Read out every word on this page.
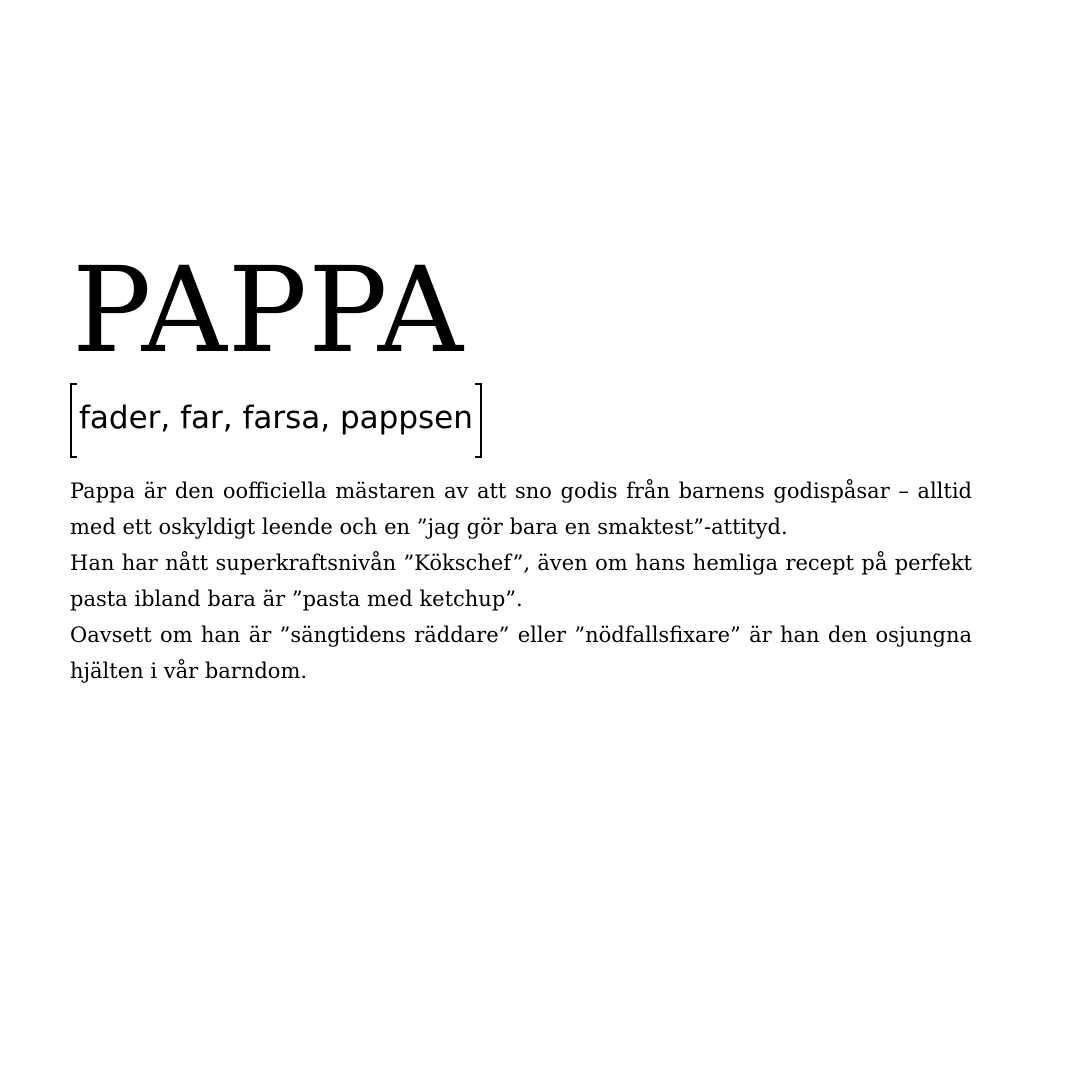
PAPPA
fader, far, farsa, pappsen

Pappa är den oofficiella mästaren av att sno godis från barnens godispåsar – alltid med ett oskyldigt leende och en ”jag gör bara en smaktest”-attityd.

Han har nått superkraftsnivån ”Kökschef”, även om hans hemliga recept på perfekt pasta ibland bara är ”pasta med ketchup”.

Oavsett om han är ”sängtidens räddare” eller ”nödfallsfixare” är han den osjungna hjälten i vår barndom.
